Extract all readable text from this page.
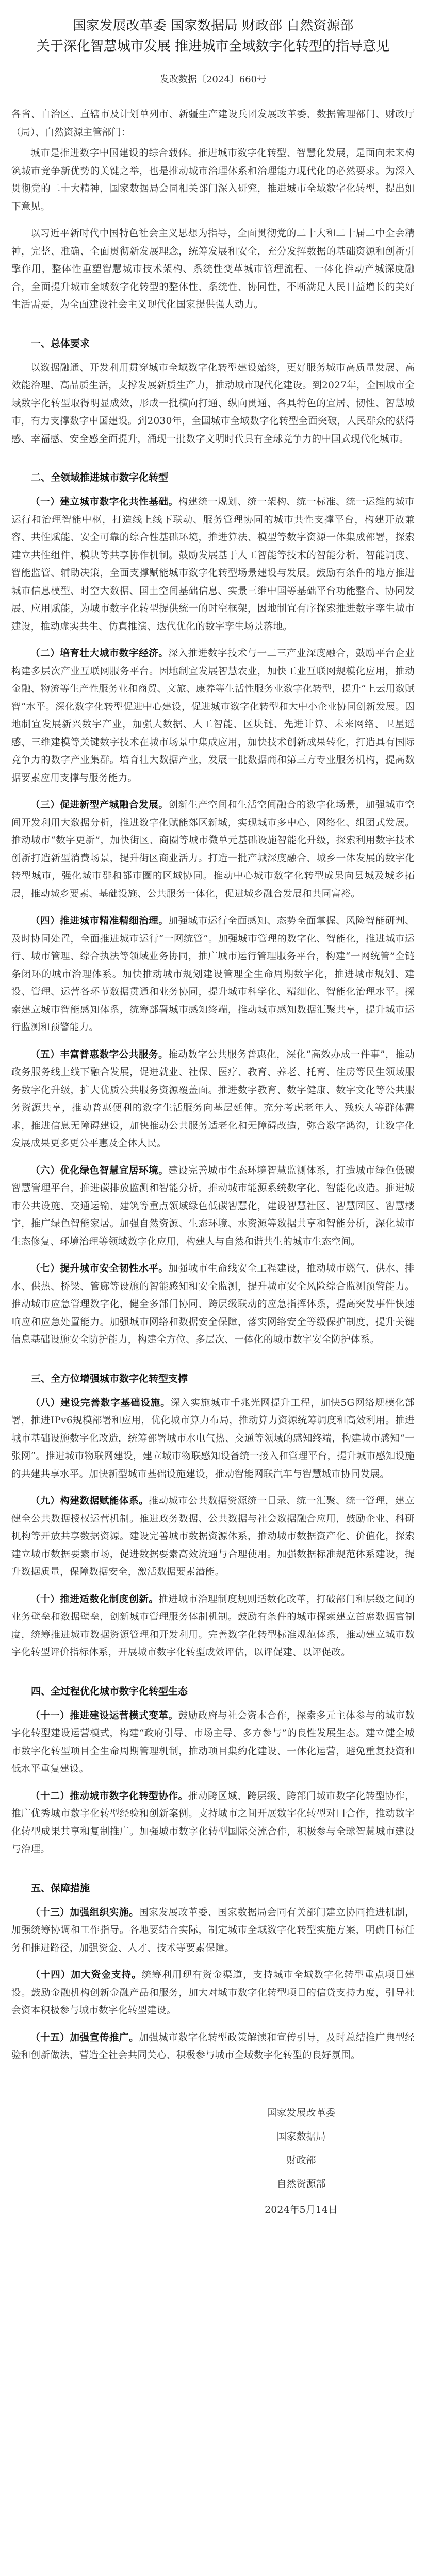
国家发展改革委 国家数据局 财政部 自然资源部
关于深化智慧城市发展 推进城市全域数字化转型的指导意见
发改数据〔2024〕660号
各省、自治区、直辖市及计划单列市、新疆生产建设兵团发展改革委、数据管理部门、财政厅（局）、自然资源主管部门：

城市是推进数字中国建设的综合载体。推进城市数字化转型、智慧化发展，是面向未来构筑城市竞争新优势的关键之举，也是推动城市治理体系和治理能力现代化的必然要求。为深入贯彻党的二十大精神，国家数据局会同相关部门深入研究，推进城市全域数字化转型，提出如下意见。

以习近平新时代中国特色社会主义思想为指导，全面贯彻党的二十大和二十届二中全会精神，完整、准确、全面贯彻新发展理念，统筹发展和安全，充分发挥数据的基础资源和创新引擎作用，整体性重塑智慧城市技术架构、系统性变革城市管理流程、一体化推动产城深度融合，全面提升城市全域数字化转型的整体性、系统性、协同性，不断满足人民日益增长的美好生活需要，为全面建设社会主义现代化国家提供强大动力。

一、总体要求

以数据融通、开发利用贯穿城市全域数字化转型建设始终，更好服务城市高质量发展、高效能治理、高品质生活，支撑发展新质生产力，推动城市现代化建设。到2027年，全国城市全域数字化转型取得明显成效，形成一批横向打通、纵向贯通、各具特色的宜居、韧性、智慧城市，有力支撑数字中国建设。到2030年，全国城市全域数字化转型全面突破，人民群众的获得感、幸福感、安全感全面提升，涌现一批数字文明时代具有全球竞争力的中国式现代化城市。

二、全领域推进城市数字化转型

（一）建立城市数字化共性基础。构建统一规划、统一架构、统一标准、统一运维的城市运行和治理智能中枢，打造线上线下联动、服务管理协同的城市共性支撑平台，构建开放兼容、共性赋能、安全可靠的综合性基础环境，推进算法、模型等数字资源一体集成部署，探索建立共性组件、模块等共享协作机制。鼓励发展基于人工智能等技术的智能分析、智能调度、智能监管、辅助决策，全面支撑赋能城市数字化转型场景建设与发展。鼓励有条件的地方推进城市信息模型、时空大数据、国土空间基础信息、实景三维中国等基础平台功能整合、协同发展、应用赋能，为城市数字化转型提供统一的时空框架，因地制宜有序探索推进数字孪生城市建设，推动虚实共生、仿真推演、迭代优化的数字孪生场景落地。

（二）培育壮大城市数字经济。深入推进数字技术与一二三产业深度融合，鼓励平台企业构建多层次产业互联网服务平台。因地制宜发展智慧农业，加快工业互联网规模化应用，推动金融、物流等生产性服务业和商贸、文旅、康养等生活性服务业数字化转型，提升“上云用数赋智”水平。深化数字化转型促进中心建设，促进城市数字化转型和大中小企业协同创新发展。因地制宜发展新兴数字产业，加强大数据、人工智能、区块链、先进计算、未来网络、卫星遥感、三维建模等关键数字技术在城市场景中集成应用，加快技术创新成果转化，打造具有国际竞争力的数字产业集群。培育壮大数据产业，发展一批数据商和第三方专业服务机构，提高数据要素应用支撑与服务能力。

（三）促进新型产城融合发展。创新生产空间和生活空间融合的数字化场景，加强城市空间开发利用大数据分析，推进数字化赋能郊区新城，实现城市多中心、网络化、组团式发展。推动城市“数字更新”，加快街区、商圈等城市微单元基础设施智能化升级，探索利用数字技术创新打造新型消费场景，提升街区商业活力。打造一批产城深度融合、城乡一体发展的数字化转型城市，强化城市群和都市圈的区域协同。推动中心城市数字化转型成果向县城及城乡拓展，推动城乡要素、基础设施、公共服务一体化，促进城乡融合发展和共同富裕。

（四）推进城市精准精细治理。加强城市运行全面感知、态势全面掌握、风险智能研判、及时协同处置，全面推进城市运行“一网统管”。加强城市管理的数字化、智能化，推进城市运行、城市管理、综合执法等领域业务协同，推广城市运行管理服务平台，构建“一网统管”全链条闭环的城市治理体系。加快推动城市规划建设管理全生命周期数字化，推进城市规划、建设、管理、运营各环节数据贯通和业务协同，提升城市科学化、精细化、智能化治理水平。探索建立城市智能感知体系，统筹部署城市感知终端，推动城市感知数据汇聚共享，提升城市运行监测和预警能力。

（五）丰富普惠数字公共服务。推动数字公共服务普惠化，深化“高效办成一件事”，推动政务服务线上线下融合发展，促进就业、社保、医疗、教育、养老、托育、住房等民生领域服务数字化升级，扩大优质公共服务资源覆盖面。推进数字教育、数字健康、数字文化等公共服务资源共享，推动普惠便利的数字生活服务向基层延伸。充分考虑老年人、残疾人等群体需求，推进信息无障碍建设，加快推动公共服务适老化和无障碍改造，弥合数字鸿沟，让数字化发展成果更多更公平惠及全体人民。

（六）优化绿色智慧宜居环境。建设完善城市生态环境智慧监测体系，打造城市绿色低碳智慧管理平台，推进碳排放监测和智能分析，推动城市能源系统数字化、智能化改造。推进城市公共设施、交通运输、建筑等重点领域绿色低碳智慧化，建设智慧社区、智慧园区、智慧楼宇，推广绿色智能家居。加强自然资源、生态环境、水资源等数据共享和智能分析，深化城市生态修复、环境治理等领域数字化应用，构建人与自然和谐共生的城市生态空间。

（七）提升城市安全韧性水平。加强城市生命线安全工程建设，推动城市燃气、供水、排水、供热、桥梁、管廊等设施的智能感知和安全监测，提升城市安全风险综合监测预警能力。推动城市应急管理数字化，健全多部门协同、跨层级联动的应急指挥体系，提高突发事件快速响应和应急处置能力。加强城市网络和数据安全保障，落实网络安全等级保护制度，提升关键信息基础设施安全防护能力，构建全方位、多层次、一体化的城市数字安全防护体系。

三、全方位增强城市数字化转型支撑

（八）建设完善数字基础设施。深入实施城市千兆光网提升工程，加快5G网络规模化部署，推进IPv6规模部署和应用，优化城市算力布局，推动算力资源统筹调度和高效利用。推进城市基础设施数字化改造，统筹部署城市水电气热、交通等领域的感知终端，构建城市感知“一张网”。推进城市物联网建设，建立城市物联感知设备统一接入和管理平台，提升城市感知设施的共建共享水平。加快新型城市基础设施建设，推动智能网联汽车与智慧城市协同发展。

（九）构建数据赋能体系。推动城市公共数据资源统一目录、统一汇聚、统一管理，建立健全公共数据授权运营机制。推进政务数据、公共数据与社会数据融合应用，鼓励企业、科研机构等开放共享数据资源。建设完善城市数据资源体系，推动城市数据资产化、价值化，探索建立城市数据要素市场，促进数据要素高效流通与合理使用。加强数据标准规范体系建设，提升数据质量，保障数据安全，激活数据要素潜能。

（十）推进适数化制度创新。推进城市治理制度规则适数化改革，打破部门和层级之间的业务壁垒和数据壁垒，创新城市管理服务体制机制。鼓励有条件的城市探索建立首席数据官制度，统筹推进城市数据资源管理和开发利用。完善数字化转型标准规范体系，推动建立城市数字化转型评价指标体系，开展城市数字化转型成效评估，以评促建、以评促改。

四、全过程优化城市数字化转型生态

（十一）推进建设运营模式变革。鼓励政府与社会资本合作，探索多元主体参与的城市数字化转型建设运营模式，构建“政府引导、市场主导、多方参与”的良性发展生态。建立健全城市数字化转型项目全生命周期管理机制，推动项目集约化建设、一体化运营，避免重复投资和低水平重复建设。

（十二）推动城市数字化转型协作。推动跨区域、跨层级、跨部门城市数字化转型协作，推广优秀城市数字化转型经验和创新案例。支持城市之间开展数字化转型对口合作，推动数字化转型成果共享和复制推广。加强城市数字化转型国际交流合作，积极参与全球智慧城市建设与治理。

五、保障措施

（十三）加强组织实施。国家发展改革委、国家数据局会同有关部门建立协同推进机制，加强统筹协调和工作指导。各地要结合实际，制定城市全域数字化转型实施方案，明确目标任务和推进路径，加强资金、人才、技术等要素保障。

（十四）加大资金支持。统筹利用现有资金渠道，支持城市全域数字化转型重点项目建设。鼓励金融机构创新金融产品和服务，加大对城市数字化转型项目的信贷支持力度，引导社会资本积极参与城市数字化转型建设。

（十五）加强宣传推广。加强城市数字化转型政策解读和宣传引导，及时总结推广典型经验和创新做法，营造全社会共同关心、积极参与城市全域数字化转型的良好氛围。

国家发展改革委
国家数据局
财政部
自然资源部
2024年5月14日
